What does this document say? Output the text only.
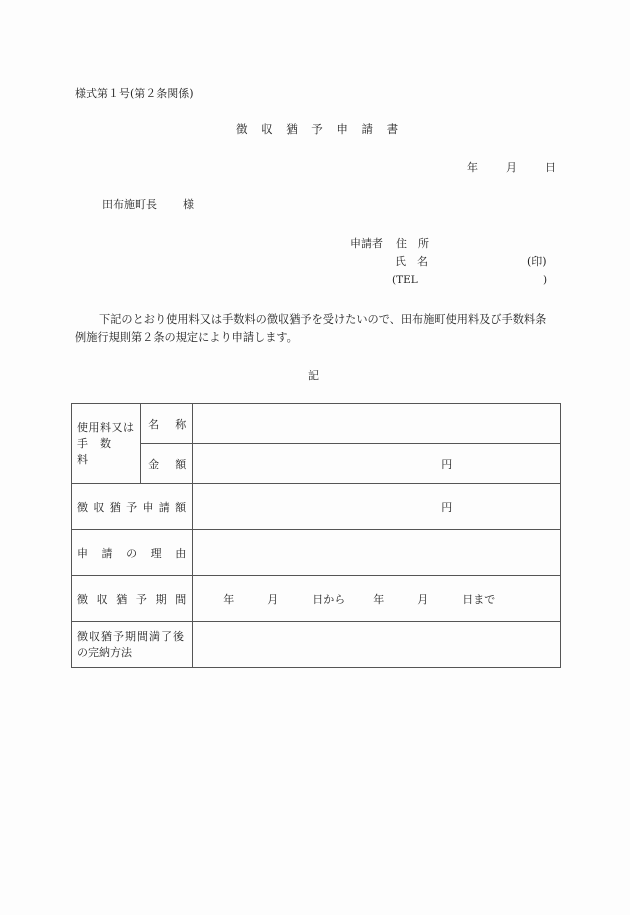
様式第１号(第２条関係)
徴 収 猶 予 申 請 書
年	月	日
田布施町長 様
申請者 住 所
氏 名	(印)
(TEL	)
下記のとおり使用料又は手数料の徴収猶予を受けたいので、田布施町使用料及び手数料条例施行規則第２条の規定により申請します。
記
使用料又は
手数料	名 称	

	金 額	円

徴 収 猶 予 申 請 額	円

申 請 の 理 由		

徴 収 猶 予 期 間	年	月	日から	年	月	日まで

徴収猶予期間満了後
の完納方法		
